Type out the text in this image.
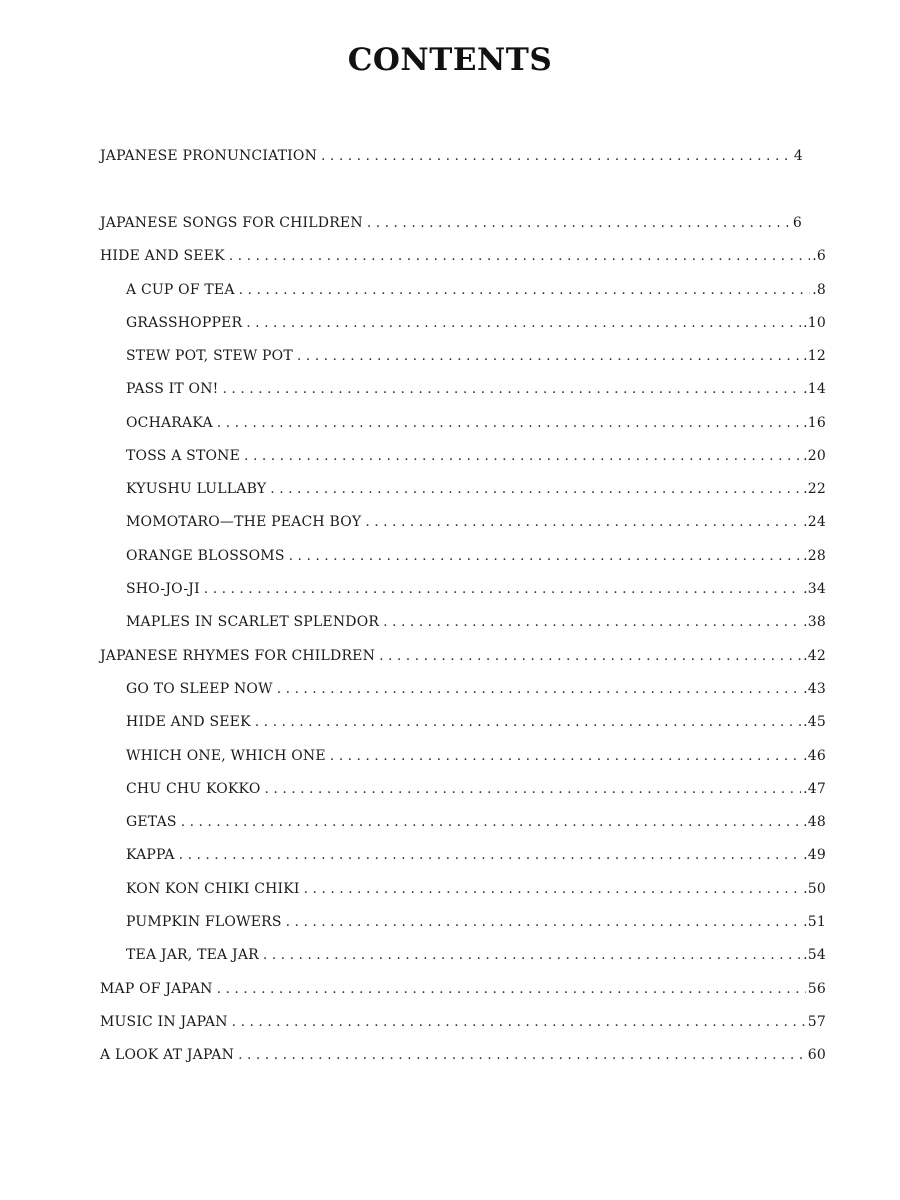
CONTENTS
JAPANESE PRONUNCIATION . . .	4
JAPANESE SONGS FOR CHILDREN . . .	6
HIDE AND SEEK . . .	.6
A CUP OF TEA . . .	.8
GRASSHOPPER . . .	.10
STEW POT, STEW POT . . .	.12
PASS IT ON! . . .	.14
OCHARAKA . . .	.16
TOSS A STONE . . .	.20
KYUSHU LULLABY . . .	.22
MOMOTARO—THE PEACH BOY . . .	.24
ORANGE BLOSSOMS . . .	.28
SHO-JO-JI . . .	.34
MAPLES IN SCARLET SPLENDOR . . .	.38
JAPANESE RHYMES FOR CHILDREN . . .	.42
GO TO SLEEP NOW . . .	.43
HIDE AND SEEK . . .	.45
WHICH ONE, WHICH ONE . . .	.46
CHU CHU KOKKO . . .	.47
GETAS . . .	.48
KAPPA . . .	.49
KON KON CHIKI CHIKI . . .	.50
PUMPKIN FLOWERS . . .	.51
TEA JAR, TEA JAR . . .	.54
MAP OF JAPAN . . .	56
MUSIC IN JAPAN . . .	57
A LOOK AT JAPAN . . .	60
